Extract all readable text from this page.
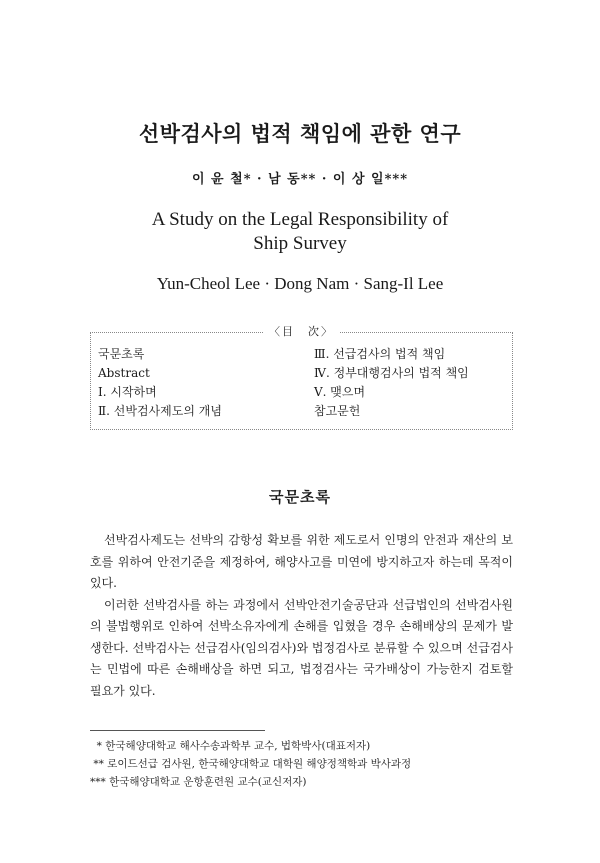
선박검사의 법적 책임에 관한 연구
이 윤 철* · 남 동** · 이 상 일***
A Study on the Legal Responsibility of
Ship Survey
Yun-Cheol Lee · Dong Nam · Sang-Il Lee
〈目　次〉
국문초록
Abstract
Ⅰ. 시작하며
Ⅱ. 선박검사제도의 개념
Ⅲ. 선급검사의 법적 책임
Ⅳ. 정부대행검사의 법적 책임
Ⅴ. 맺으며
참고문헌
국문초록

선박검사제도는 선박의 감항성 확보를 위한 제도로서 인명의 안전과 재산의 보호를 위하여 안전기준을 제정하여, 해양사고를 미연에 방지하고자 하는데 목적이 있다.

이러한 선박검사를 하는 과정에서 선박안전기술공단과 선급법인의 선박검사원의 불법행위로 인하여 선박소유자에게 손해를 입혔을 경우 손해배상의 문제가 발생한다. 선박검사는 선급검사(임의검사)와 법정검사로 분류할 수 있으며 선급검사는 민법에 따른 손해배상을 하면 되고, 법정검사는 국가배상이 가능한지 검토할 필요가 있다.

* 한국해양대학교 해사수송과학부 교수, 법학박사(대표저자)
** 로이드선급 검사원, 한국해양대학교 대학원 해양정책학과 박사과정
*** 한국해양대학교 운항훈련원 교수(교신저자)
